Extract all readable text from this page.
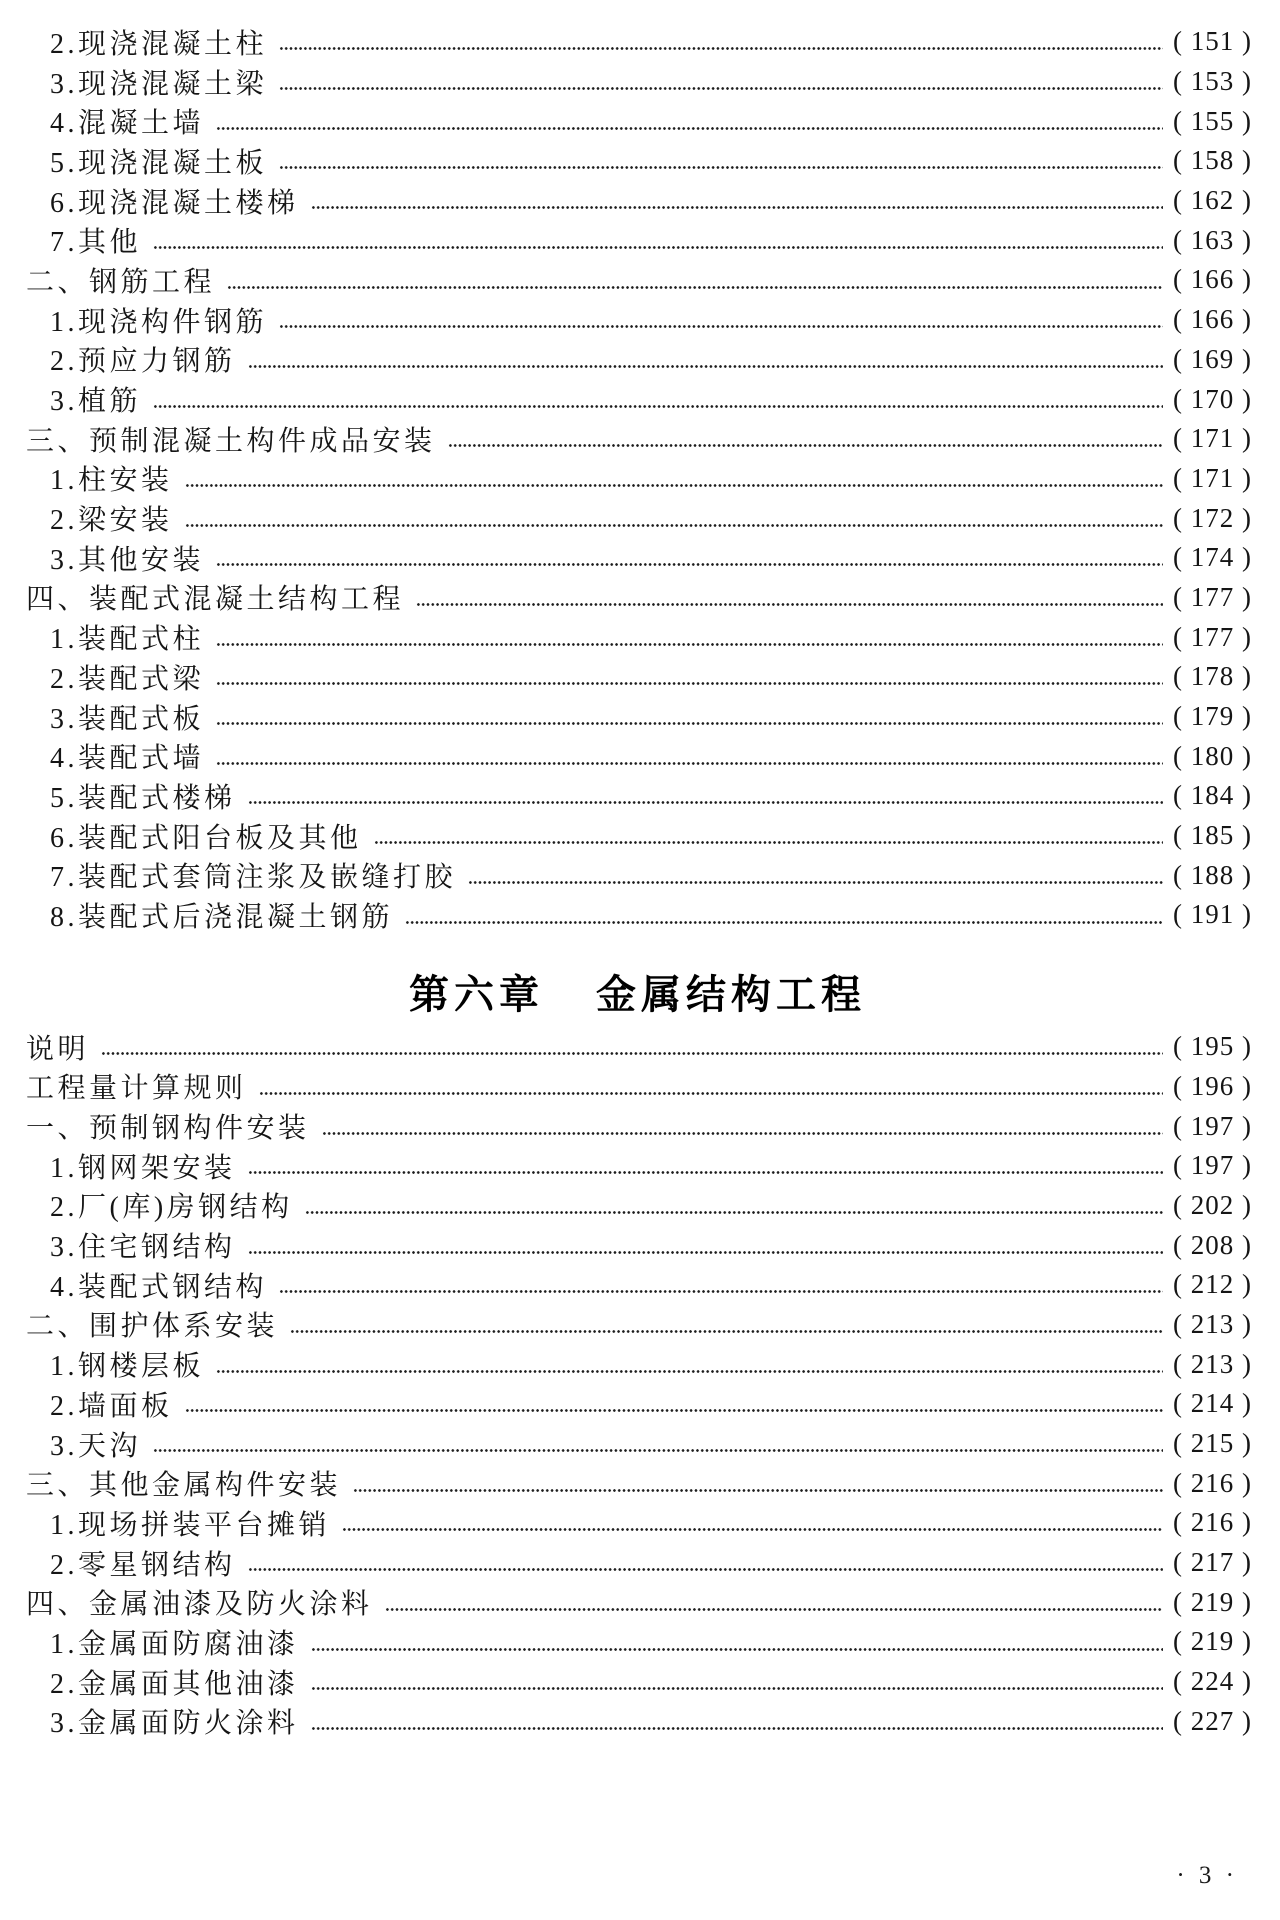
2.现浇混凝土柱	( 151 )
3.现浇混凝土梁	( 153 )
4.混凝土墙	( 155 )
5.现浇混凝土板	( 158 )
6.现浇混凝土楼梯	( 162 )
7.其他	( 163 )
二、钢筋工程	( 166 )
1.现浇构件钢筋	( 166 )
2.预应力钢筋	( 169 )
3.植筋	( 170 )
三、预制混凝土构件成品安装	( 171 )
1.柱安装	( 171 )
2.梁安装	( 172 )
3.其他安装	( 174 )
四、装配式混凝土结构工程	( 177 )
1.装配式柱	( 177 )
2.装配式梁	( 178 )
3.装配式板	( 179 )
4.装配式墙	( 180 )
5.装配式楼梯	( 184 )
6.装配式阳台板及其他	( 185 )
7.装配式套筒注浆及嵌缝打胶	( 188 )
8.装配式后浇混凝土钢筋	( 191 )
第六章 金属结构工程
说明	( 195 )
工程量计算规则	( 196 )
一、预制钢构件安装	( 197 )
1.钢网架安装	( 197 )
2.厂(库)房钢结构	( 202 )
3.住宅钢结构	( 208 )
4.装配式钢结构	( 212 )
二、围护体系安装	( 213 )
1.钢楼层板	( 213 )
2.墙面板	( 214 )
3.天沟	( 215 )
三、其他金属构件安装	( 216 )
1.现场拼装平台摊销	( 216 )
2.零星钢结构	( 217 )
四、金属油漆及防火涂料	( 219 )
1.金属面防腐油漆	( 219 )
2.金属面其他油漆	( 224 )
3.金属面防火涂料	( 227 )
· 3 ·
